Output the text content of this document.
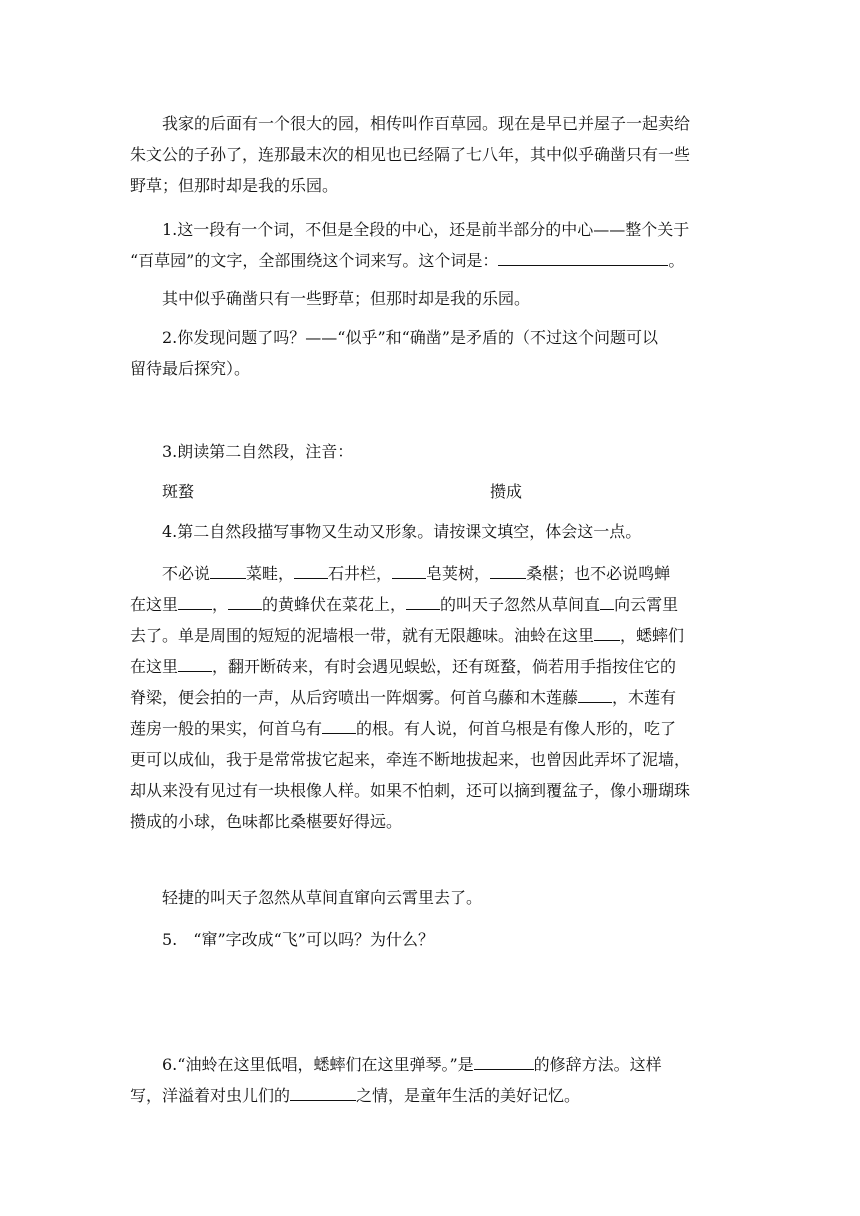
　　我家的后面有一个很大的园，相传叫作百草园。现在是早已并屋子一起卖给
朱文公的子孙了，连那最末次的相见也已经隔了七八年，其中似乎确凿只有一些
野草；但那时却是我的乐园。

　　1.这一段有一个词，不但是全段的中心，还是前半部分的中心——整个关于
“百草园”的文字，全部围绕这个词来写。这个词是：	。

　　其中似乎确凿只有一些野草；但那时却是我的乐园。

　　2.你发现问题了吗？——“似乎”和“确凿”是矛盾的（不过这个问题可以
留待最后探究）。

　　3.朗读第二自然段，注音：

斑蝥	攒成

　　4.第二自然段描写事物又生动又形象。请按课文填空，体会这一点。

　　不必说 菜畦， 石井栏， 皂荚树， 桑椹；也不必说鸣蝉
在这里 ， 的黄蜂伏在菜花上， 的叫天子忽然从草间直 向云霄里
去了。单是周围的短短的泥墙根一带，就有无限趣味。油蛉在这里 ，蟋蟀们
在这里 ，翻开断砖来，有时会遇见蜈蚣，还有斑蝥，倘若用手指按住它的
脊梁，便会拍的一声，从后窍喷出一阵烟雾。何首乌藤和木莲藤 ，木莲有
莲房一般的果实，何首乌有 的根。有人说，何首乌根是有像人形的，吃了
更可以成仙，我于是常常拔它起来，牵连不断地拔起来，也曾因此弄坏了泥墙，
却从来没有见过有一块根像人样。如果不怕刺，还可以摘到覆盆子，像小珊瑚珠
攒成的小球，色味都比桑椹要好得远。

　　轻捷的叫天子忽然从草间直窜向云霄里去了。

　　5.　“窜”字改成“飞”可以吗？为什么？

　　6.“油蛉在这里低唱，蟋蟀们在这里弹琴。”是	的修辞方法。这样
写，洋溢着对虫儿们的	之情，是童年生活的美好记忆。
